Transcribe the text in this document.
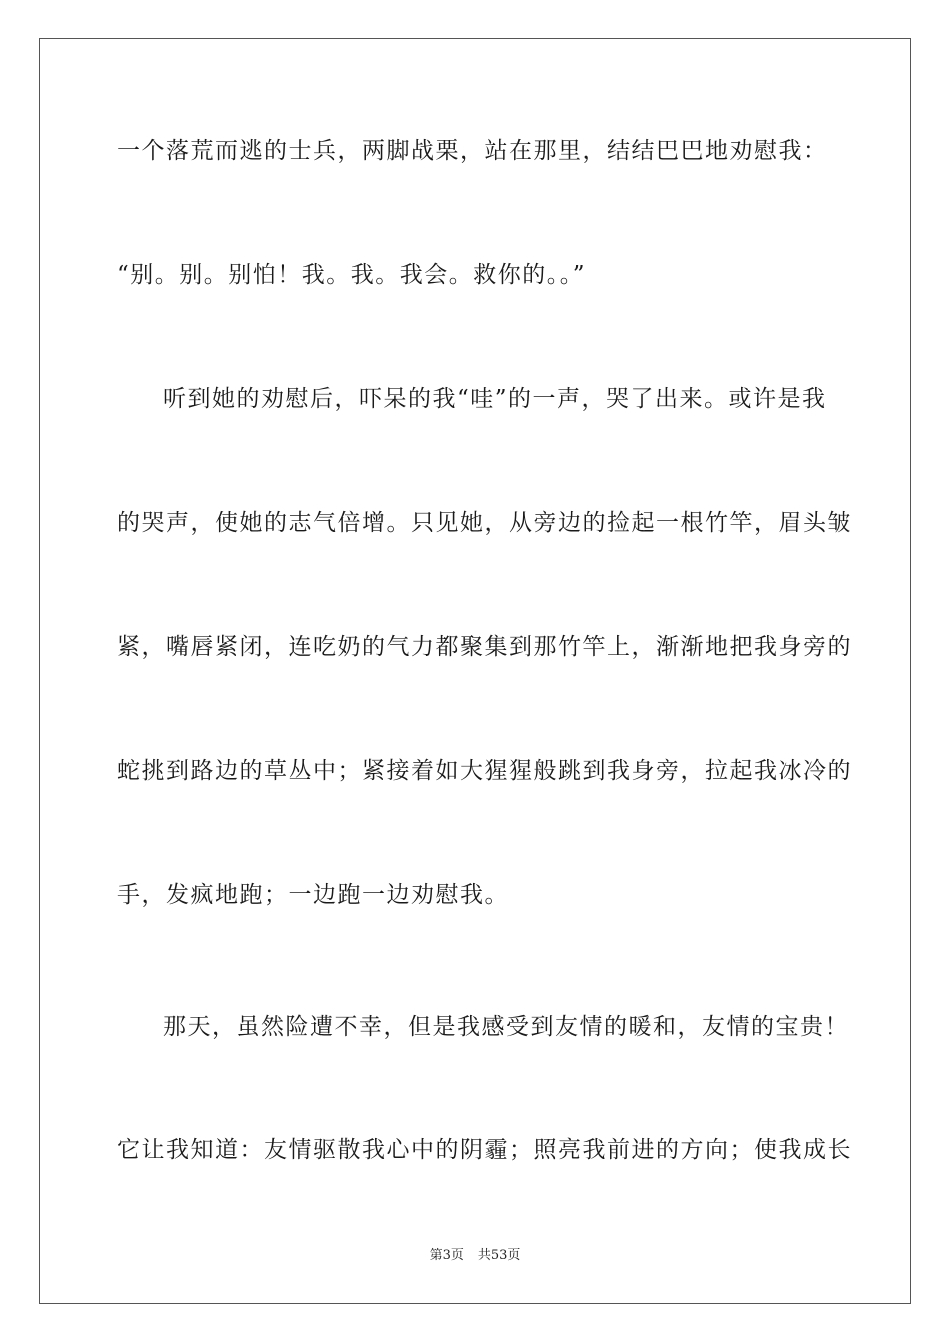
一个落荒而逃的士兵，两脚战栗，站在那里，结结巴巴地劝慰我：
“别。别。别怕！我。我。我会。救你的。。”
听到她的劝慰后，吓呆的我“哇”的一声，哭了出来。或许是我
的哭声，使她的志气倍增。只见她，从旁边的捡起一根竹竿，眉头皱
紧，嘴唇紧闭，连吃奶的气力都聚集到那竹竿上，渐渐地把我身旁的
蛇挑到路边的草丛中；紧接着如大猩猩般跳到我身旁，拉起我冰冷的
手，发疯地跑；一边跑一边劝慰我。
那天，虽然险遭不幸，但是我感受到友情的暖和，友情的宝贵！
它让我知道：友情驱散我心中的阴霾；照亮我前进的方向；使我成长
第3页 共53页
